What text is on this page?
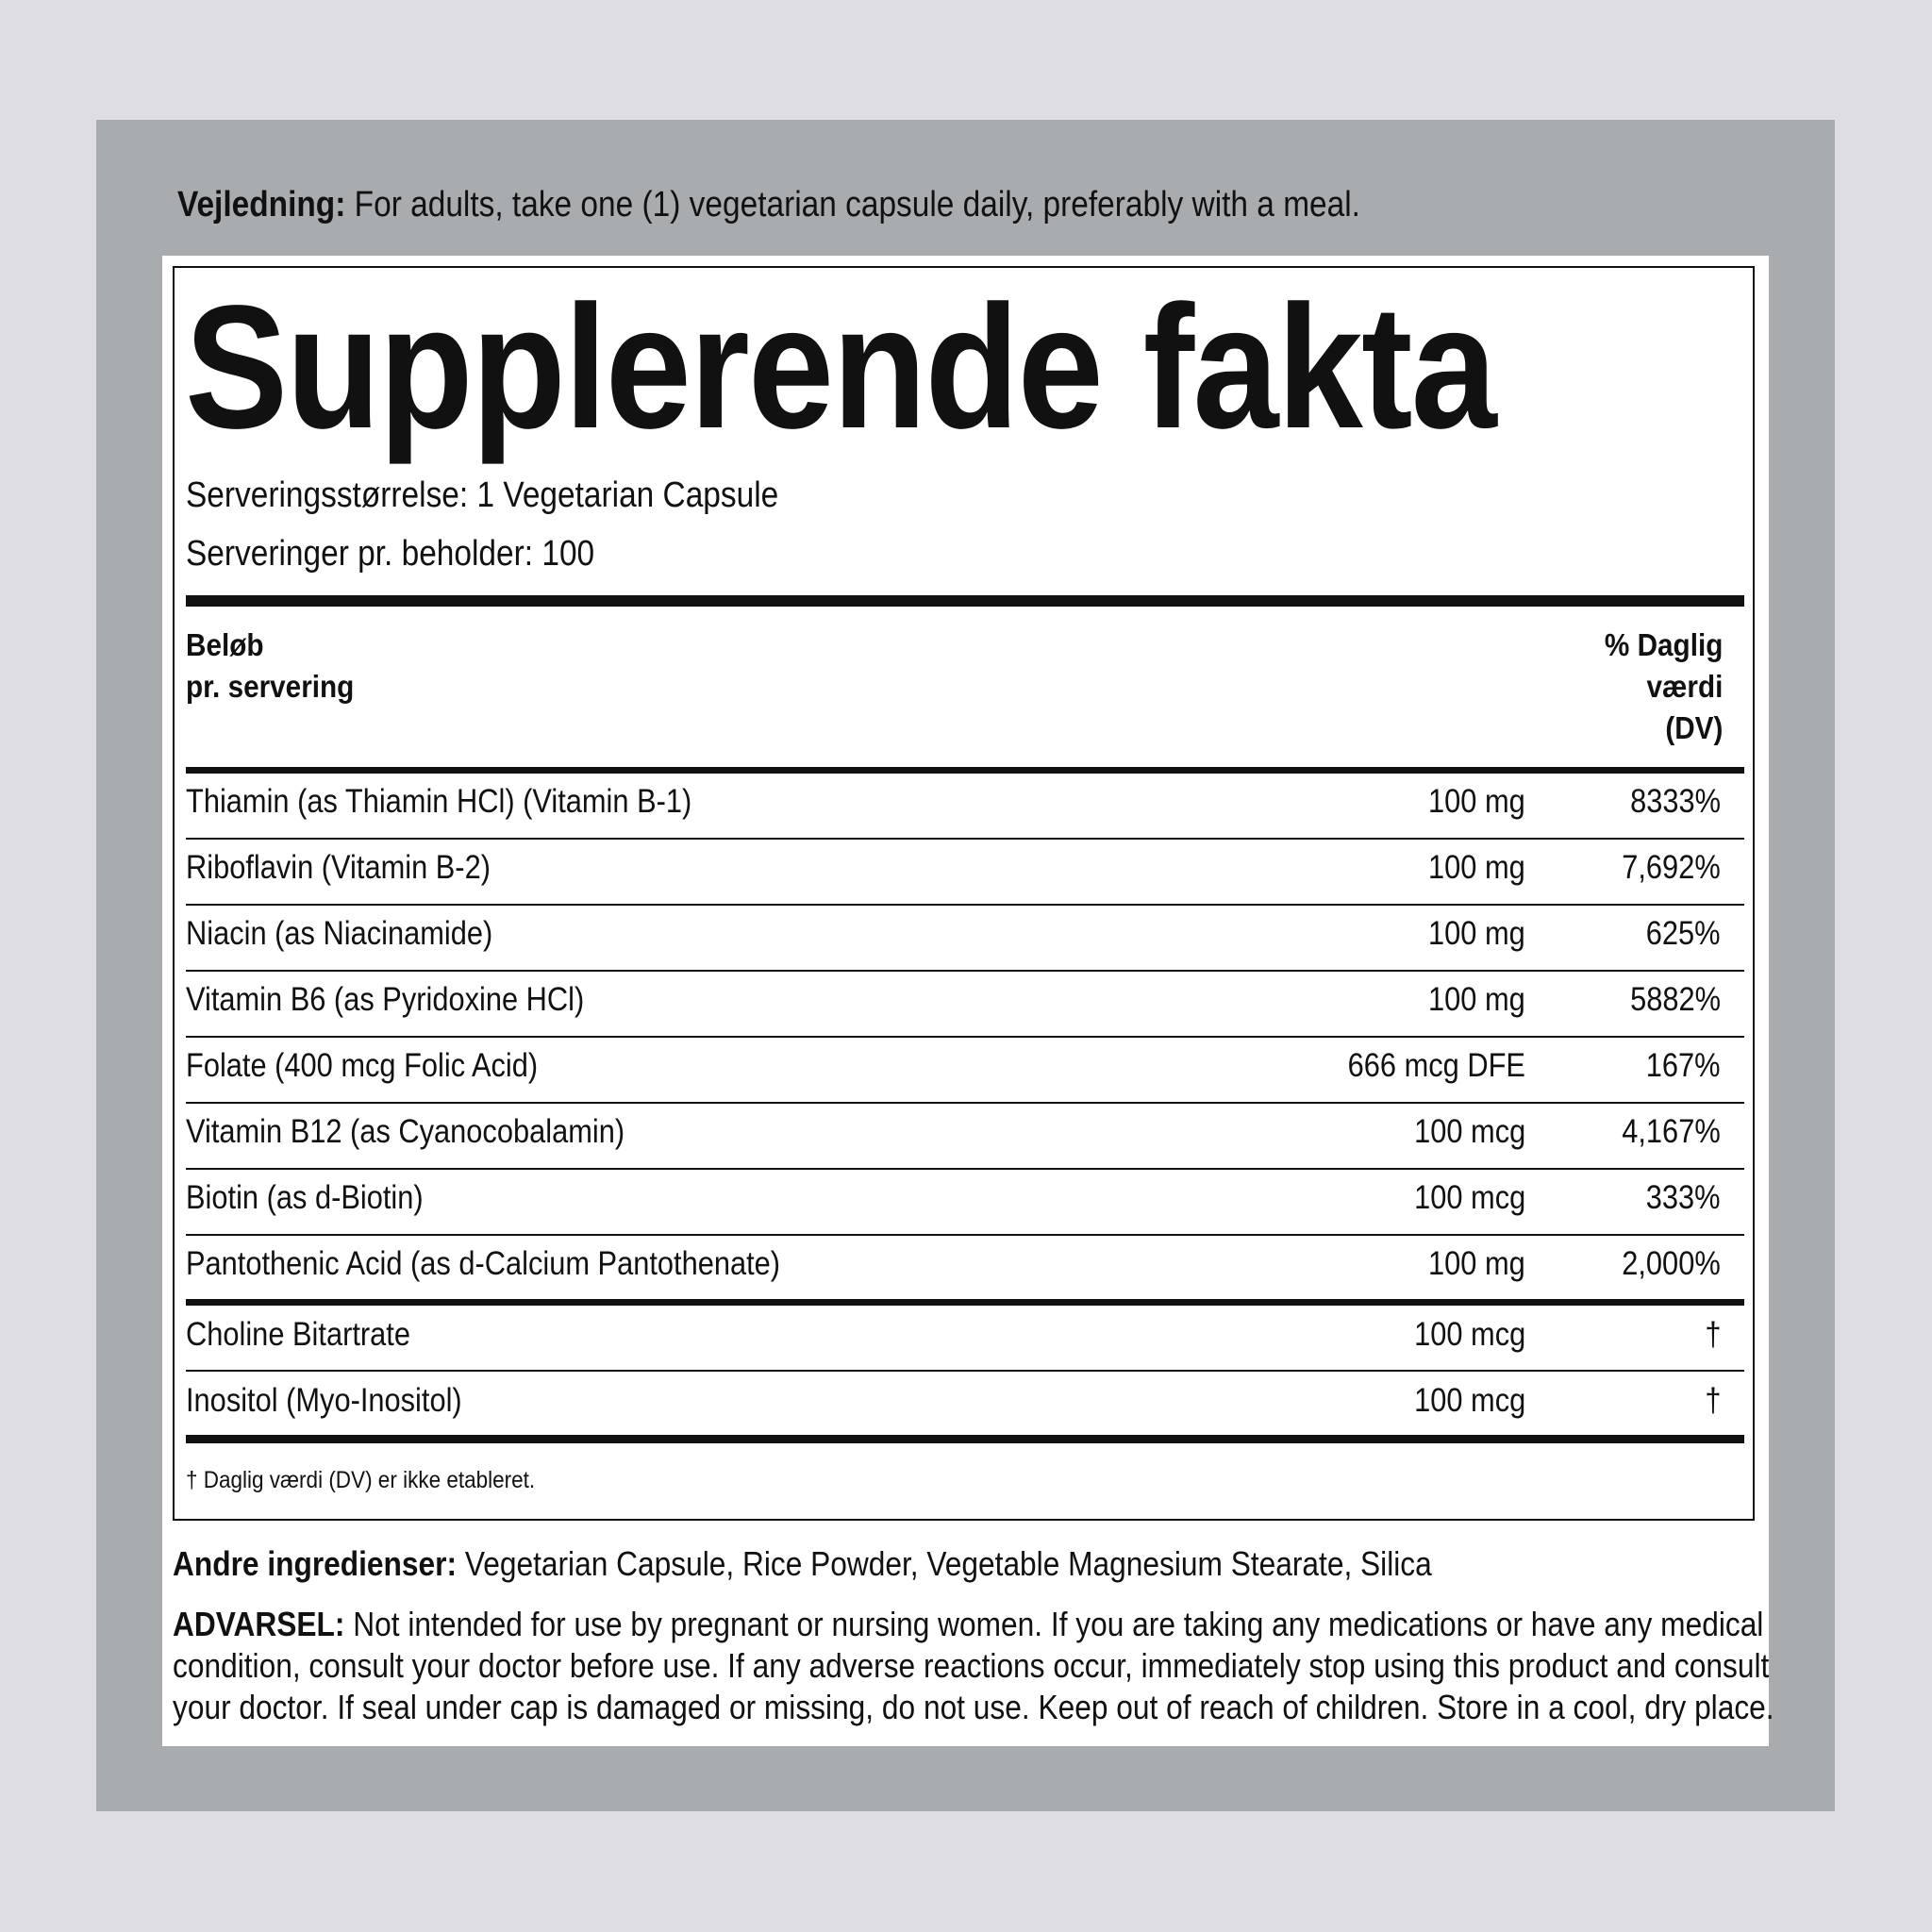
Vejledning: For adults, take one (1) vegetarian capsule daily, preferably with a meal.
Supplerende fakta
Serveringsstørrelse: 1 Vegetarian Capsule
Serveringer pr. beholder: 100
Beløb
pr. servering
% Daglig
værdi
(DV)
Thiamin (as Thiamin HCl) (Vitamin B-1)	100 mg	8333%
Riboflavin (Vitamin B-2)	100 mg	7,692%
Niacin (as Niacinamide)	100 mg	625%
Vitamin B6 (as Pyridoxine HCl)	100 mg	5882%
Folate (400 mcg Folic Acid)	666 mcg DFE	167%
Vitamin B12 (as Cyanocobalamin)	100 mcg	4,167%
Biotin (as d-Biotin)	100 mcg	333%
Pantothenic Acid (as d-Calcium Pantothenate)	100 mg	2,000%
Choline Bitartrate	100 mcg	†
Inositol (Myo-Inositol)	100 mcg	†
† Daglig værdi (DV) er ikke etableret.
Andre ingredienser: Vegetarian Capsule, Rice Powder, Vegetable Magnesium Stearate, Silica

ADVARSEL: Not intended for use by pregnant or nursing women. If you are taking any medications or have any medical

condition, consult your doctor before use. If any adverse reactions occur, immediately stop using this product and consult

your doctor. If seal under cap is damaged or missing, do not use. Keep out of reach of children. Store in a cool, dry place.
